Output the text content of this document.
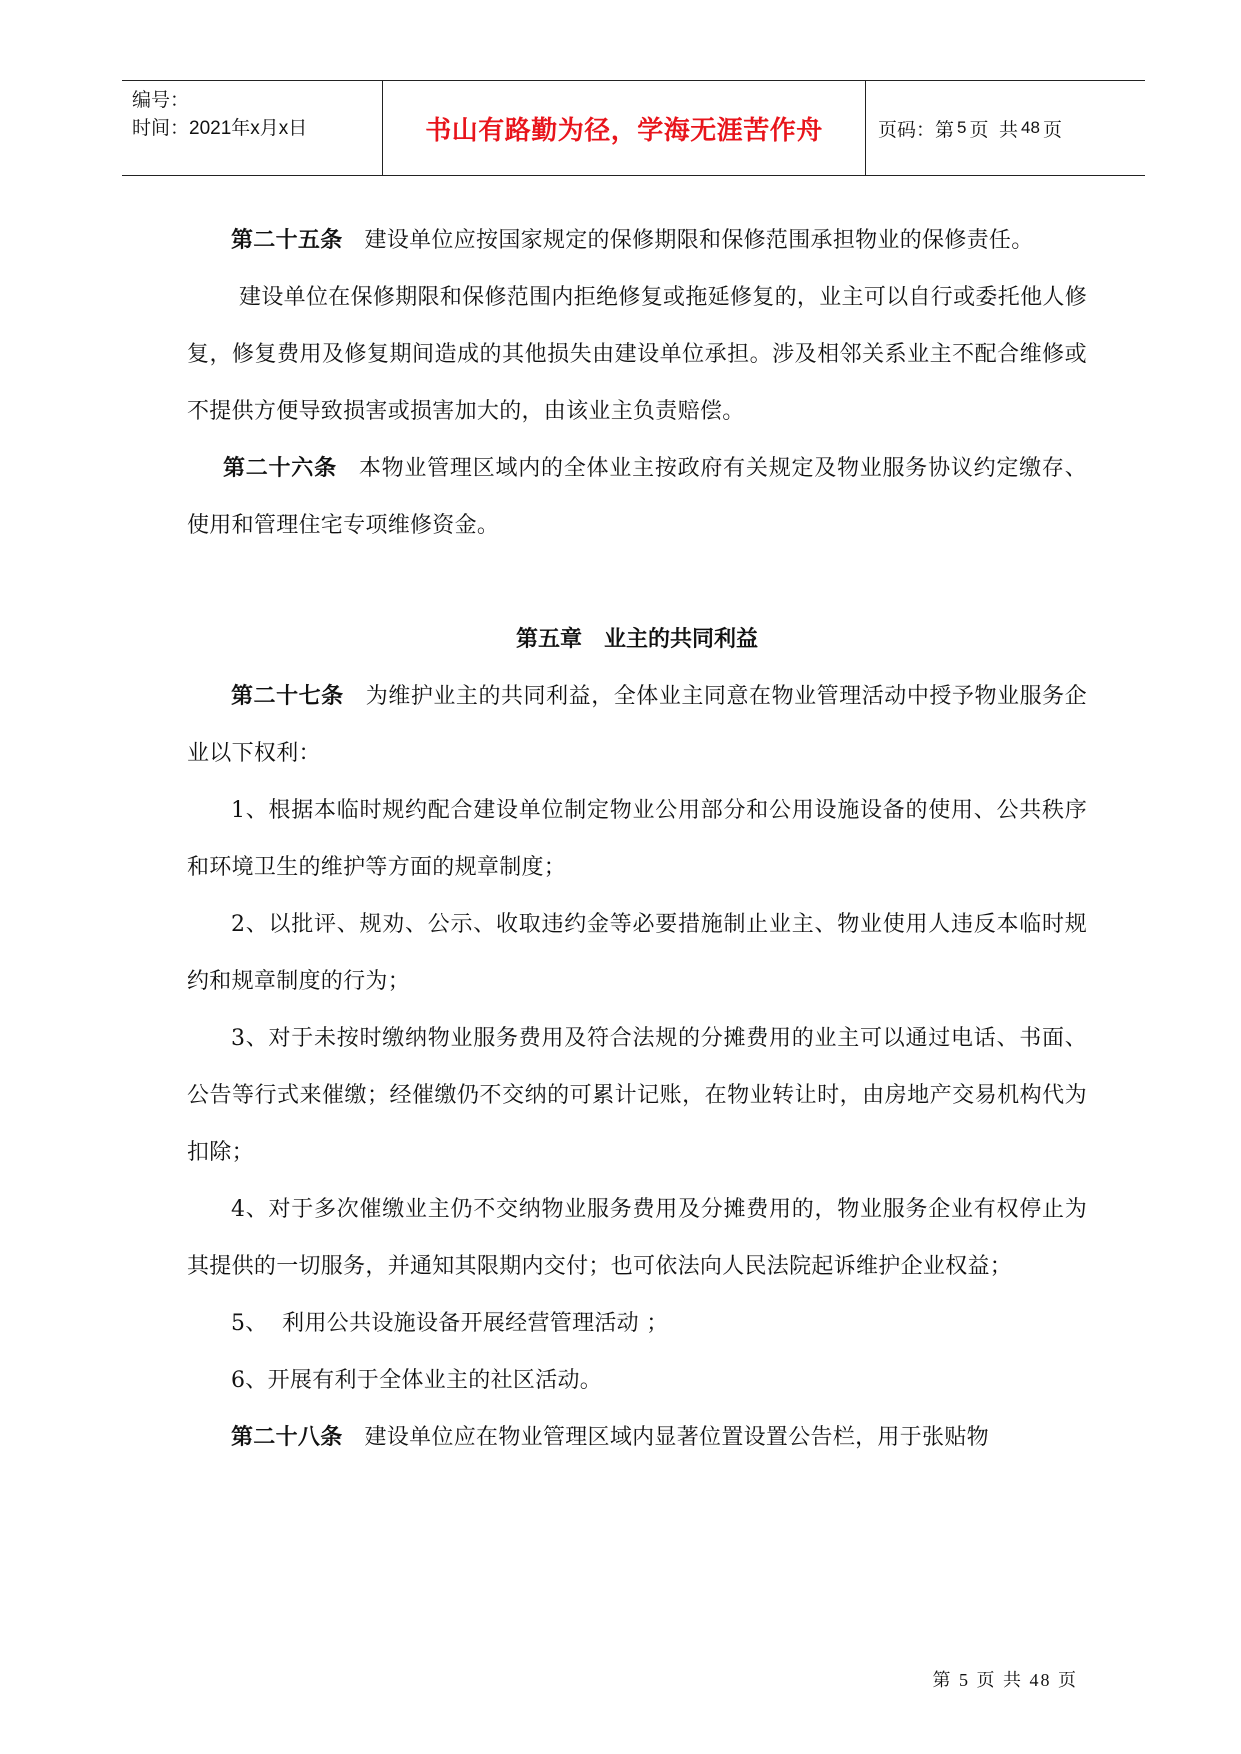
编号：
时间：2021年x月x日	书山有路勤为径，学海无涯苦作舟	页码：第 5 页  共 48 页

第二十五条 建设单位应按国家规定的保修期限和保修范围承担物业的保修责任。

建设单位在保修期限和保修范围内拒绝修复或拖延修复的，业主可以自行或委托他人修复，修复费用及修复期间造成的其他损失由建设单位承担。涉及相邻关系业主不配合维修或不提供方便导致损害或损害加大的，由该业主负责赔偿。

第二十六条 本物业管理区域内的全体业主按政府有关规定及物业服务协议约定缴存、使用和管理住宅专项维修资金。

第五章 业主的共同利益

第二十七条 为维护业主的共同利益，全体业主同意在物业管理活动中授予物业服务企业以下权利：

1、根据本临时规约配合建设单位制定物业公用部分和公用设施设备的使用、公共秩序和环境卫生的维护等方面的规章制度；

2、以批评、规劝、公示、收取违约金等必要措施制止业主、物业使用人违反本临时规约和规章制度的行为；

3、对于未按时缴纳物业服务费用及符合法规的分摊费用的业主可以通过电话、书面、公告等行式来催缴；经催缴仍不交纳的可累计记账，在物业转让时，由房地产交易机构代为扣除；

4、对于多次催缴业主仍不交纳物业服务费用及分摊费用的，物业服务企业有权停止为其提供的一切服务，并通知其限期内交付；也可依法向人民法院起诉维护企业权益；

5、  利用公共设施设备开展经营管理活动 ；

6、开展有利于全体业主的社区活动。

第二十八条 建设单位应在物业管理区域内显著位置设置公告栏，用于张贴物

第 5 页 共 48 页
